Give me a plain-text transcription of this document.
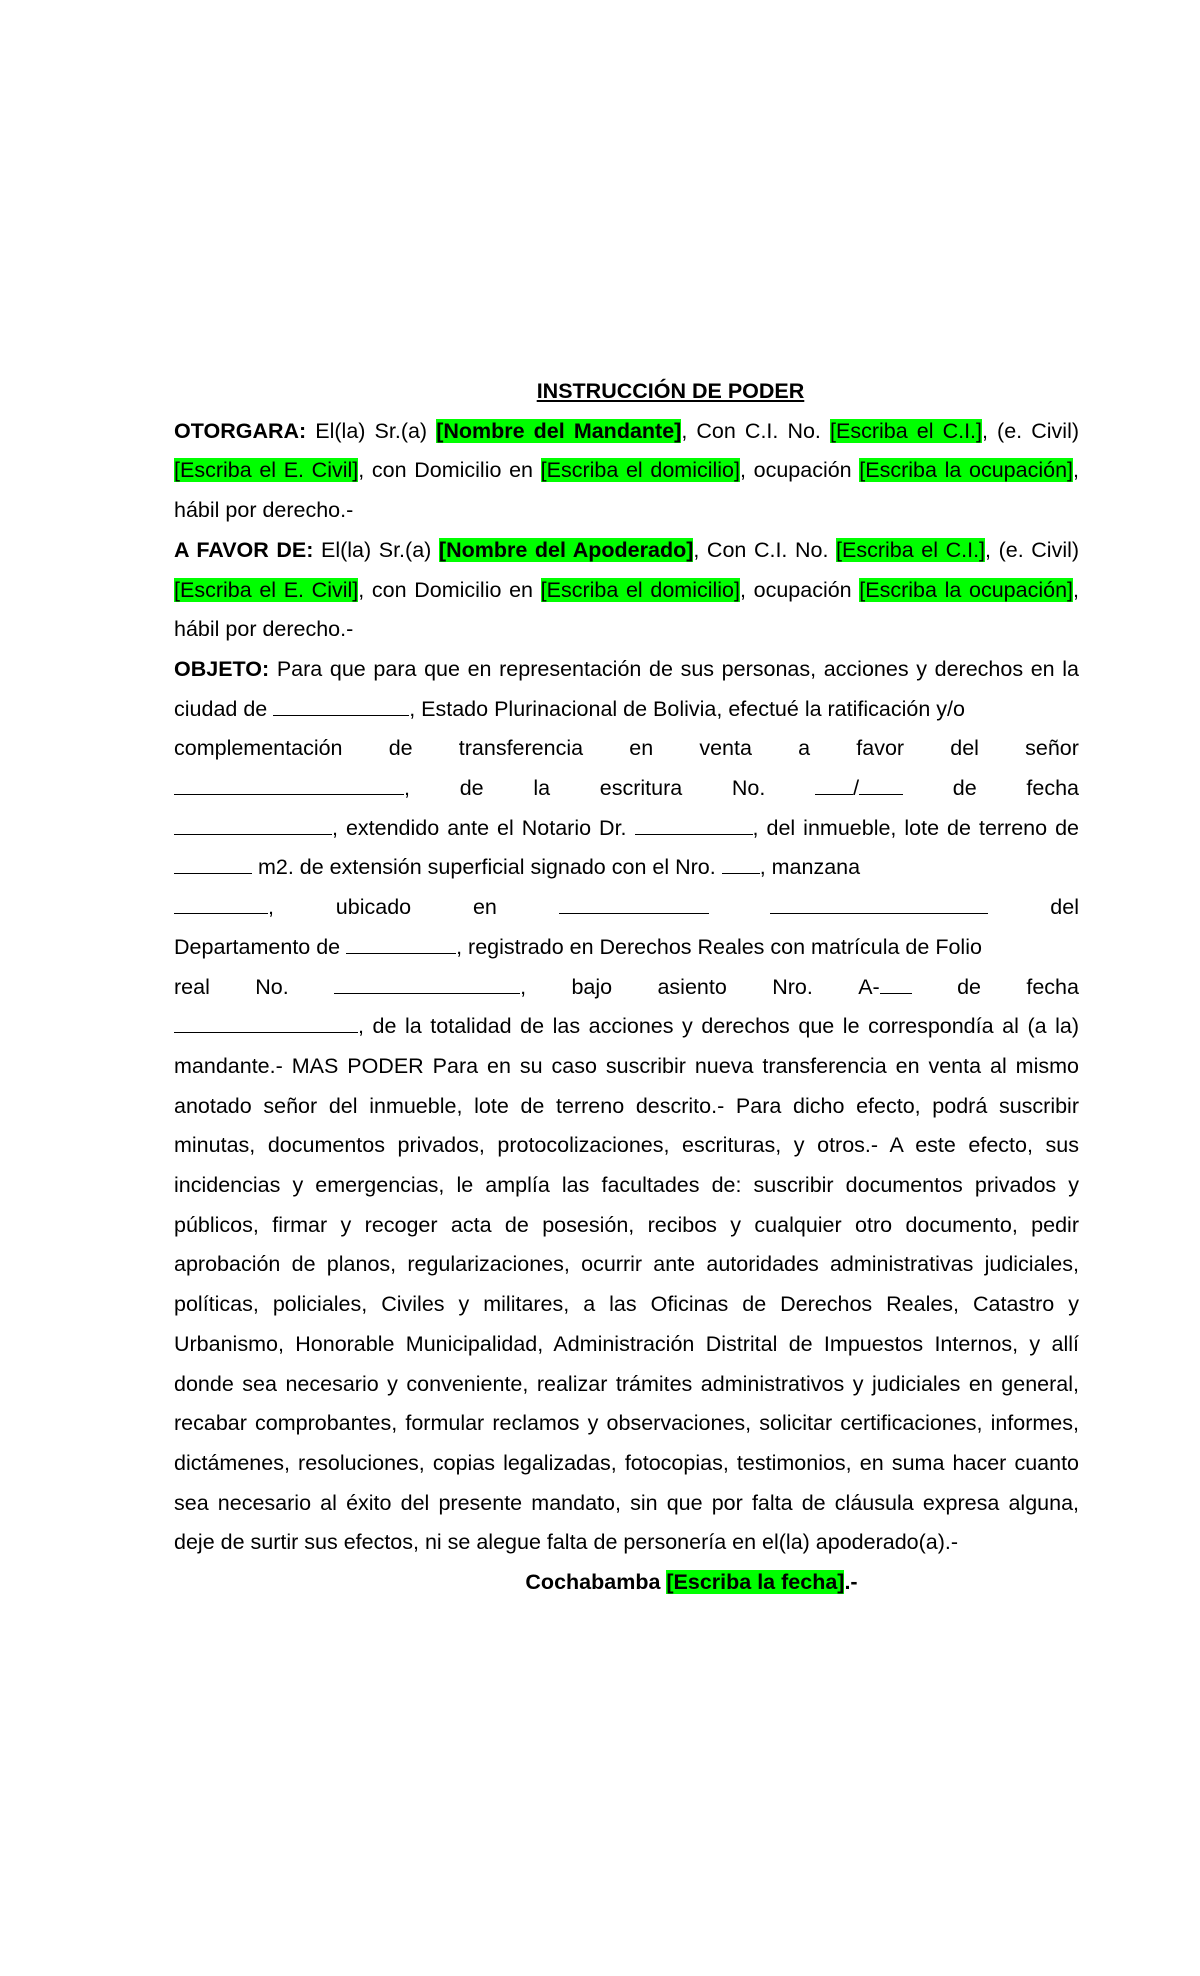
INSTRUCCIÓN DE PODER
OTORGARA: El(la) Sr.(a) [Nombre del Mandante], Con C.I. No. [Escriba el C.I.], (e. Civil)[Escriba el E. Civil], con Domicilio en [Escriba el domicilio], ocupación [Escriba la ocupación], hábil por derecho.-
A FAVOR DE: El(la) Sr.(a) [Nombre del Apoderado], Con C.I. No. [Escriba el C.I.], (e. Civil)[Escriba el E. Civil], con Domicilio en [Escriba el domicilio], ocupación [Escriba la ocupación], hábil por derecho.-
OBJETO: Para que para que en representación de sus personas, acciones y derechos en la ciudad de	, Estado Plurinacional de Bolivia, efectué la ratificación y/o
complementación de transferencia en venta a favor del señor
, de la escritura No.	/	de fecha
, extendido ante el Notario Dr.	, del inmueble, lote de terreno de  m2. de extensión superficial signado con el Nro. , manzana
,	ubicado	en	del
Departamento de	, registrado en Derechos Reales con matrícula de Folio
real No.	, bajo asiento Nro. A-	de fecha
, de la totalidad de las acciones y derechos que le correspondía al (a la) mandante.- MAS PODER Para en su caso suscribir nueva transferencia en venta al mismo anotado señor del inmueble, lote de terreno descrito.- Para dicho efecto, podrá suscribir minutas, documentos privados, protocolizaciones, escrituras, y otros.- A este efecto, sus incidencias y emergencias, le amplía las facultades de: suscribir documentos privados y públicos, firmar y recoger acta de posesión, recibos y cualquier otro documento, pedir aprobación de planos, regularizaciones, ocurrir ante autoridades administrativas judiciales, políticas, policiales, Civiles y militares, a las Oficinas de Derechos Reales, Catastro y Urbanismo, Honorable Municipalidad, Administración Distrital de Impuestos Internos, y allí donde sea necesario y conveniente, realizar trámites administrativos y judiciales en general, recabar comprobantes, formular reclamos y observaciones, solicitar certificaciones, informes, dictámenes, resoluciones, copias legalizadas, fotocopias, testimonios, en suma hacer cuanto sea necesario al éxito del presente mandato, sin que por falta de cláusula expresa alguna, deje de surtir sus efectos, ni se alegue falta de personería en el(la) apoderado(a).-
Cochabamba [Escriba la fecha].-
